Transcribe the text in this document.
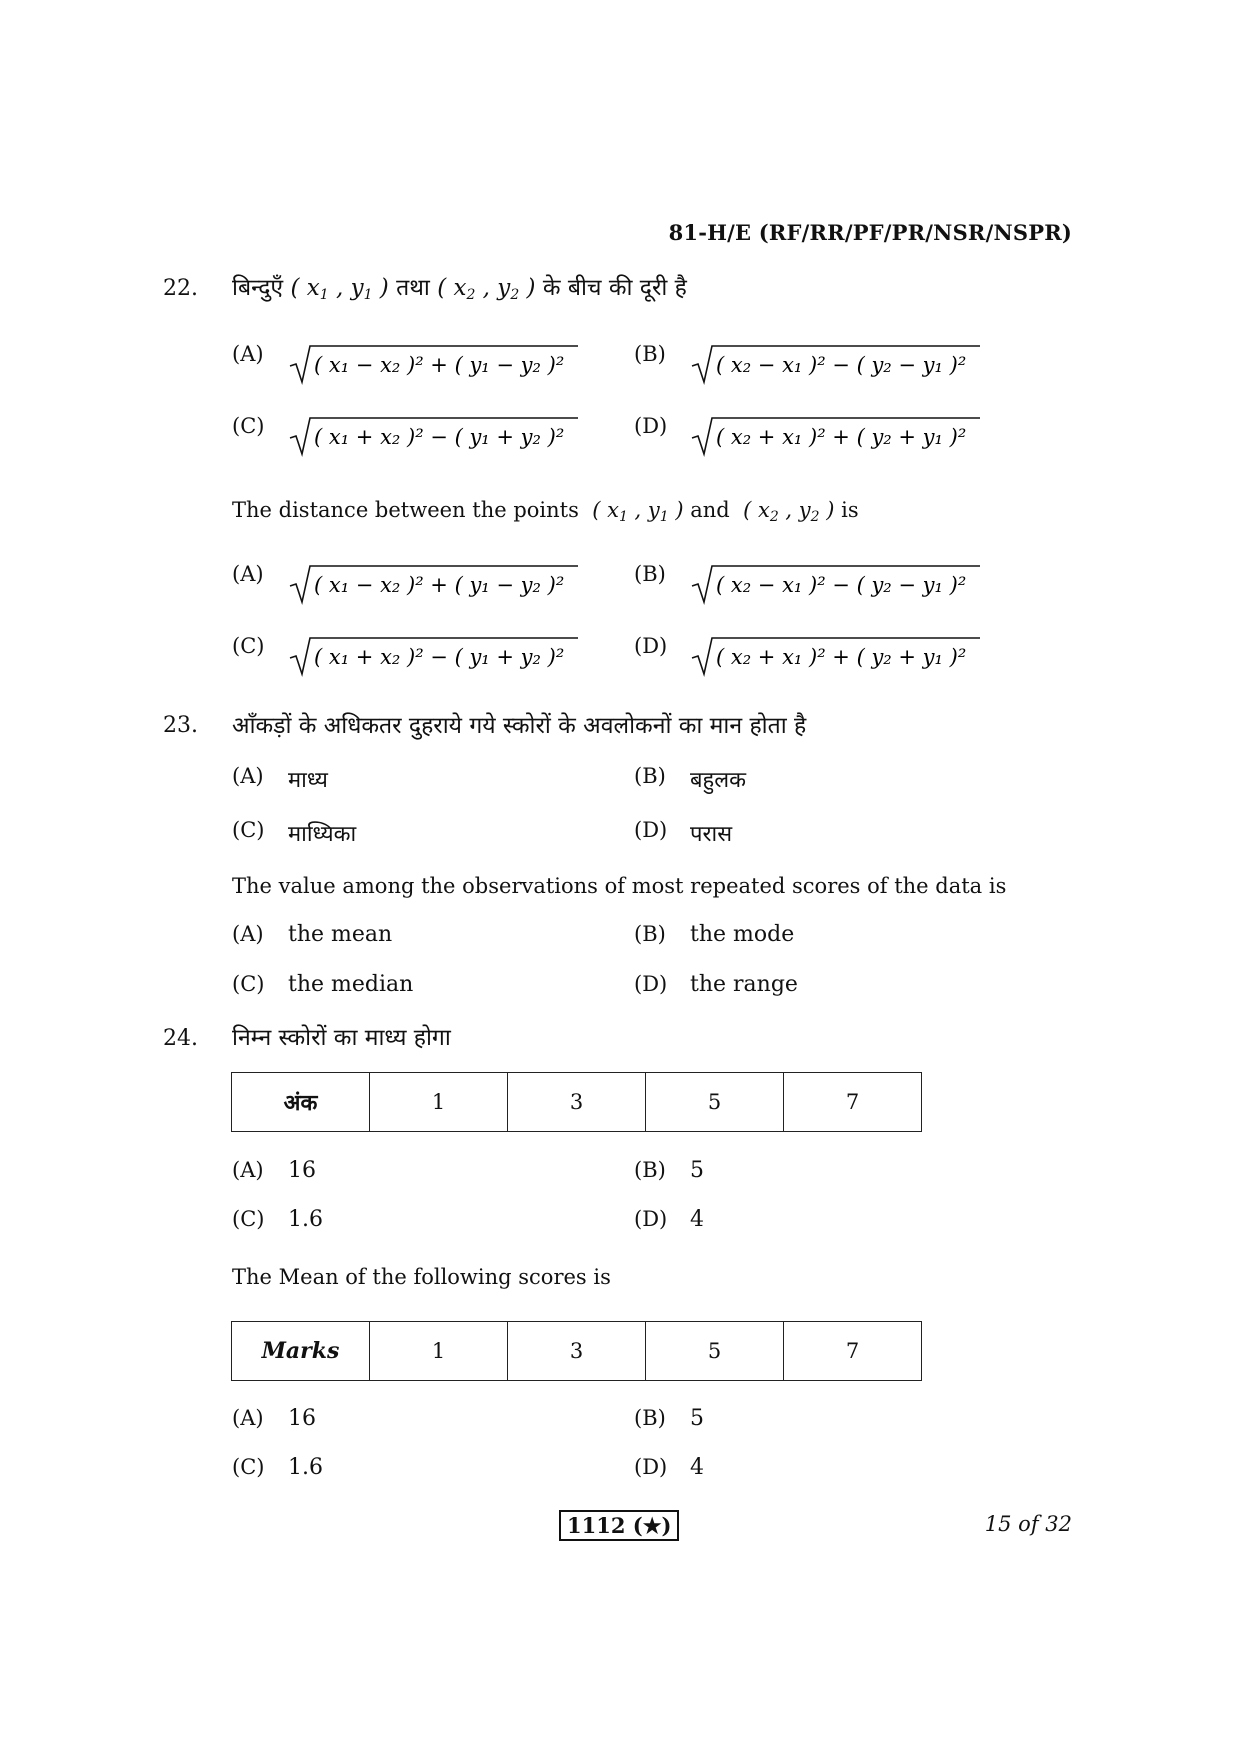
81-H/E (RF/RR/PF/PR/NSR/NSPR)
22. बिन्दुएँ ( $x_1$ , $y_1$ ) तथा ( $x_2$ , $y_2$ ) के बीच की दूरी है
(A)	( x₁ − x₂ )² + ( y₁ − y₂ )²	(B)	( x₂ − x₁ )² − ( y₂ − y₁ )²
(C)	( x₁ + x₂ )² − ( y₁ + y₂ )²	(D)	( x₂ + x₁ )² + ( y₂ + y₁ )²
The distance between the points ( $x_1$ , $y_1$ ) and ( $x_2$ , $y_2$ ) is
(A)	( x₁ − x₂ )² + ( y₁ − y₂ )²	(B)	( x₂ − x₁ )² − ( y₂ − y₁ )²
(C)	( x₁ + x₂ )² − ( y₁ + y₂ )²	(D)	( x₂ + x₁ )² + ( y₂ + y₁ )²
23. आँकड़ों के अधिकतर दुहराये गये स्कोरों के अवलोकनों का मान होता है
(A)	माध्य	(B)	बहुलक
(C)	माध्यिका	(D)	परास
The value among the observations of most repeated scores of the data is
(A)	the mean	(B)	the mode
(C)	the median	(D)	the range
24. निम्न स्कोरों का माध्य होगा
अंक	1	3	5	7
(A)	16	(B)	5
(C)	1.6	(D)	4
The Mean of the following scores is
Marks	1	3	5	7
(A)	16	(B)	5
(C)	1.6	(D)	4
1112 (★)	15 of 32
